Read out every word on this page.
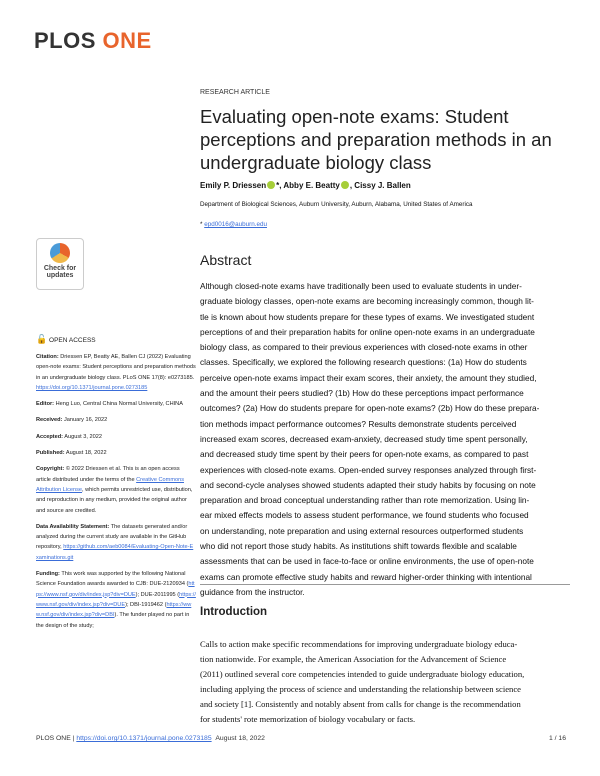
PLOS ONE
RESEARCH ARTICLE
Evaluating open-note exams: Student perceptions and preparation methods in an undergraduate biology class
Emily P. Driessen *, Abby E. Beatty , Cissy J. Ballen
Department of Biological Sciences, Auburn University, Auburn, Alabama, United States of America
* epd0016@auburn.edu
Check for updates
Abstract
Although closed-note exams have traditionally been used to evaluate students in under-
graduate biology classes, open-note exams are becoming increasingly common, though lit-
tle is known about how students prepare for these types of exams. We investigated student
perceptions of and their preparation habits for online open-note exams in an undergraduate
biology class, as compared to their previous experiences with closed-note exams in other
classes. Specifically, we explored the following research questions: (1a) How do students
perceive open-note exams impact their exam scores, their anxiety, the amount they studied,
and the amount their peers studied? (1b) How do these perceptions impact performance
outcomes? (2a) How do students prepare for open-note exams? (2b) How do these prepara-
tion methods impact performance outcomes? Results demonstrate students perceived
increased exam scores, decreased exam-anxiety, decreased study time spent personally,
and decreased study time spent by their peers for open-note exams, as compared to past
experiences with closed-note exams. Open-ended survey responses analyzed through first-
and second-cycle analyses showed students adapted their study habits by focusing on note
preparation and broad conceptual understanding rather than rote memorization. Using lin-
ear mixed effects models to assess student performance, we found students who focused
on understanding, note preparation and using external resources outperformed students
who did not report those study habits. As institutions shift towards flexible and scalable
assessments that can be used in face-to-face or online environments, the use of open-note
exams can promote effective study habits and reward higher-order thinking with intentional
guidance from the instructor.
Introduction
Calls to action make specific recommendations for improving undergraduate biology educa-
tion nationwide. For example, the American Association for the Advancement of Science
(2011) outlined several core competencies intended to guide undergraduate biology education,
including applying the process of science and understanding the relationship between science
and society [1]. Consistently and notably absent from calls for change is the recommendation
for students' rote memorization of biology vocabulary or facts.
🔓 OPEN ACCESS

Citation: Driessen EP, Beatty AE, Ballen CJ (2022) Evaluating open-note exams: Student perceptions and preparation methods in an undergraduate biology class. PLoS ONE 17(8): e0273185. https://doi.org/10.1371/journal.pone.0273185

Editor: Heng Luo, Central China Normal University, CHINA

Received: January 16, 2022

Accepted: August 3, 2022

Published: August 18, 2022

Copyright: © 2022 Driessen et al. This is an open access article distributed under the terms of the Creative Commons Attribution License, which permits unrestricted use, distribution, and reproduction in any medium, provided the original author and source are credited.

Data Availability Statement: The datasets generated and/or analyzed during the current study are available in the GitHub repository, https://github.com/aeb0084/Evaluating-Open-Note-Examinations.git

Funding: This work was supported by the following National Science Foundation awards awarded to CJB: DUE-2120934 (https://www.nsf.gov/div/index.jsp?div=DUE); DUE-2011995 (https://www.nsf.gov/div/index.jsp?div=DUE); DBI-1919462 (https://www.nsf.gov/div/index.jsp?div=DBI). The funder played no part in the design of the study;

PLOS ONE | https://doi.org/10.1371/journal.pone.0273185 August 18, 2022	1 / 16
